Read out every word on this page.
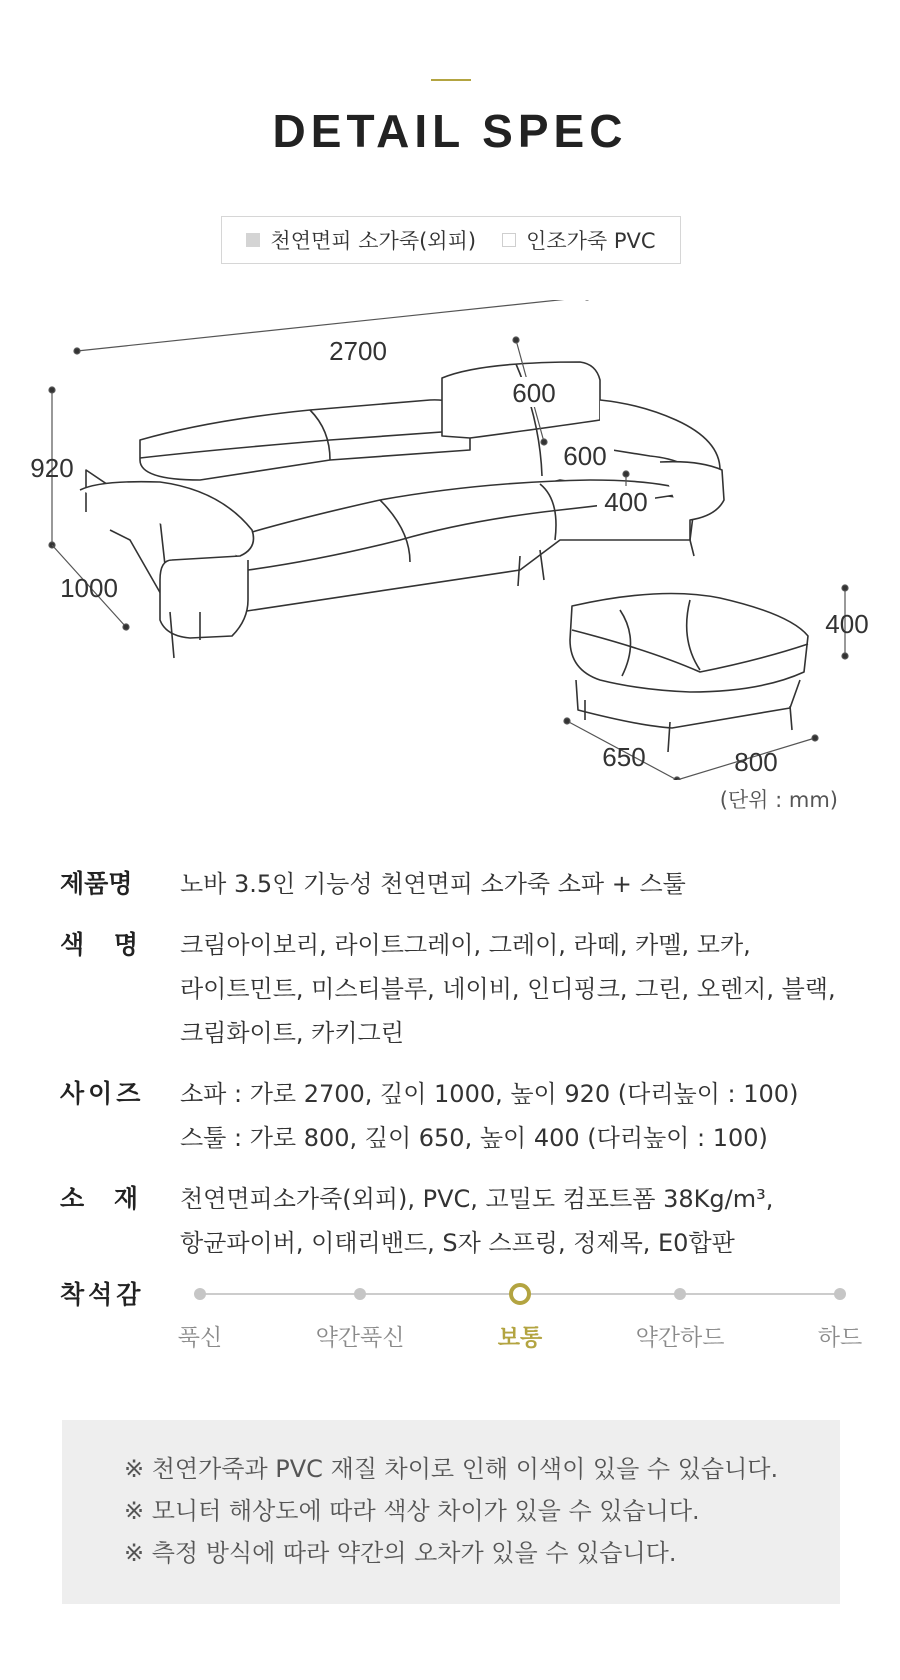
DETAIL SPEC
천연면피 소가죽(외피) 인조가죽 PVC
2700
600
600
400
920
1000
400
650	800
(단위 : mm)
제품명	노바 3.5인 기능성 천연면피 소가죽 소파 + 스툴
색 명 크림아이보리, 라이트그레이, 그레이, 라떼, 카멜, 모카,
라이트민트, 미스티블루, 네이비, 인디핑크, 그린, 오렌지, 블랙,
크림화이트, 카키그린
사이즈	소파 : 가로 2700, 깊이 1000, 높이 920 (다리높이 : 100)
스툴 : 가로 800, 깊이 650, 높이 400 (다리높이 : 100)
소 재 천연면피소가죽(외피), PVC, 고밀도 컴포트폼 38Kg/m³,
항균파이버, 이태리밴드, S자 스프링, 정제목, E0합판
착석감
푹신	약간푹신	보통	약간하드	하드
※ 천연가죽과 PVC 재질 차이로 인해 이색이 있을 수 있습니다.
※ 모니터 해상도에 따라 색상 차이가 있을 수 있습니다.
※ 측정 방식에 따라 약간의 오차가 있을 수 있습니다.
